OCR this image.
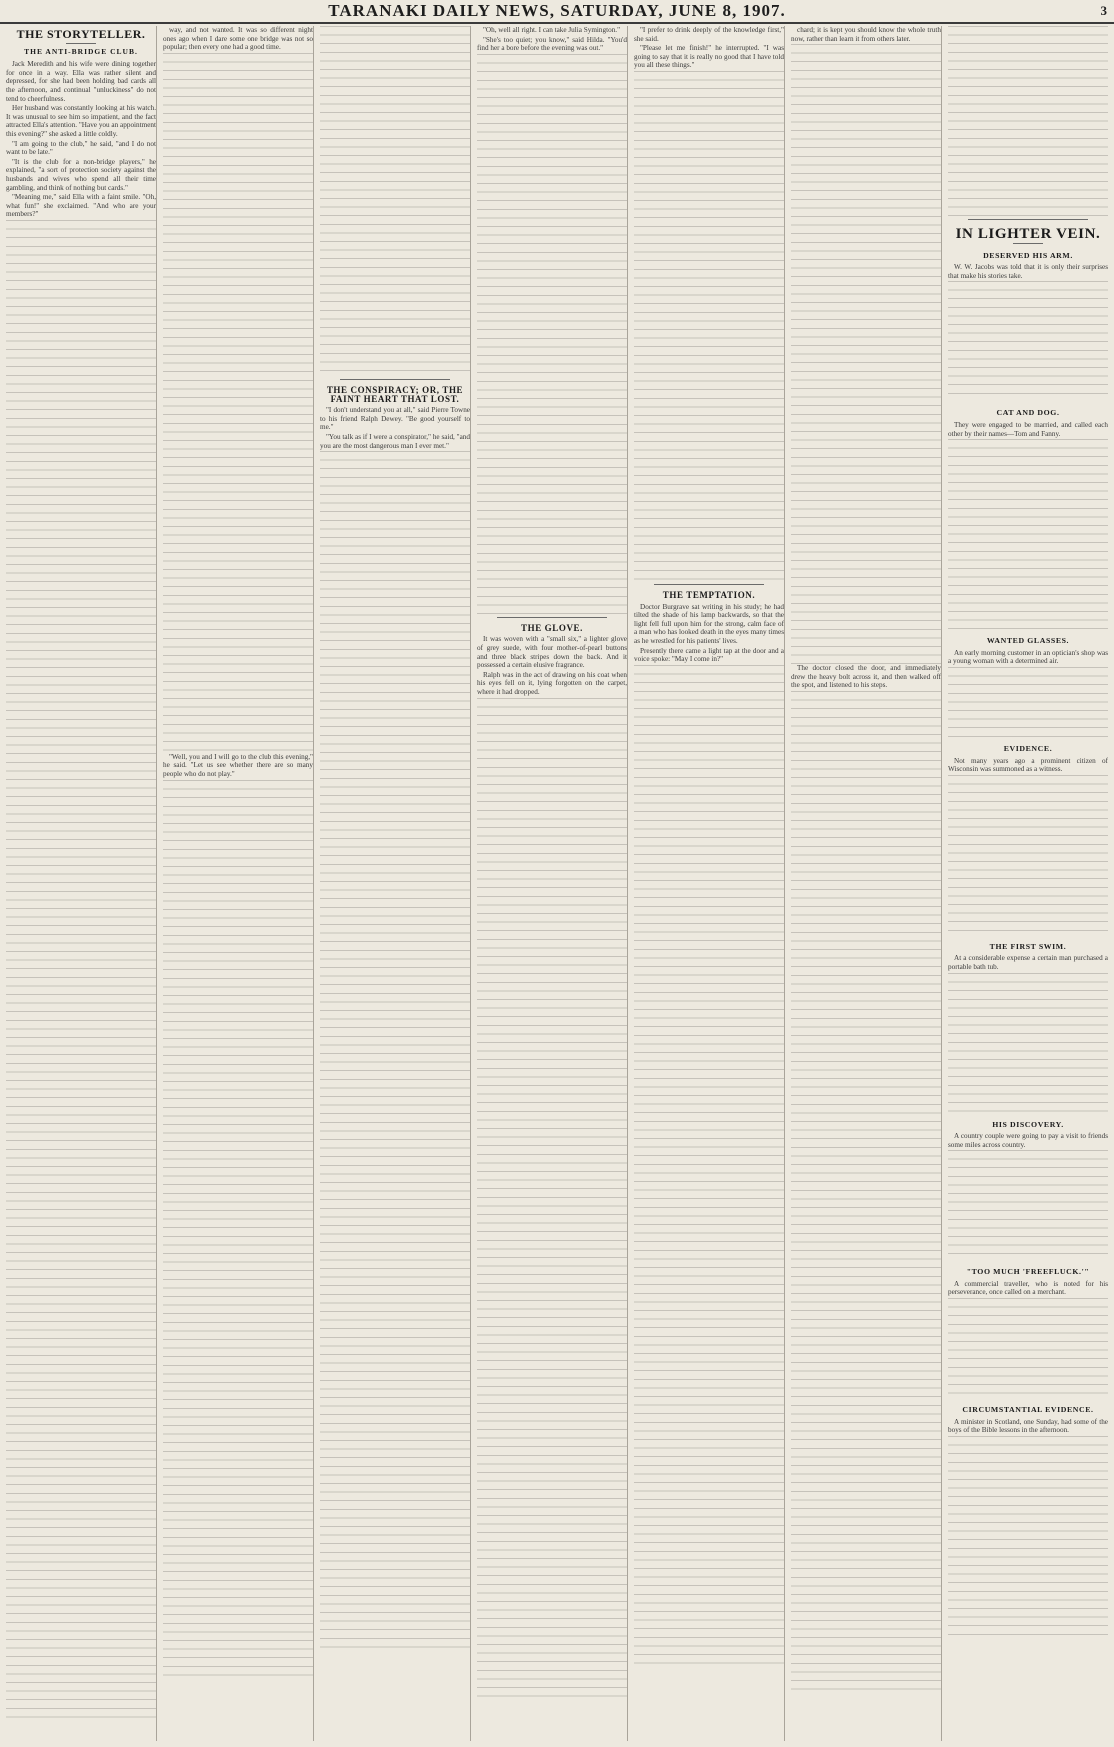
TARANAKI DAILY NEWS, SATURDAY, JUNE 8, 1907.	3
THE STORYTELLER.
THE ANTI-BRIDGE CLUB.

Jack Meredith and his wife were dining together for once in a way. Ella was rather silent and depressed, for she had been holding bad cards all the afternoon, and continual "unluckiness" do not tend to cheerfulness.

Her husband was constantly looking at his watch. It was unusual to see him so impatient, and the fact attracted Ella's attention. "Have you an appointment this evening?" she asked a little coldly.

"I am going to the club," he said, "and I do not want to be late."

"It is the club for a non-bridge players," he explained, "a sort of protection society against the husbands and wives who spend all their time gambling, and think of nothing but cards."

"Meaning me," said Ella with a faint smile. "Oh, what fun!" she exclaimed. "And who are your members?"

way, and not wanted. It was so different night ones ago when I dare some one bridge was not so popular; then every one had a good time.

"Well, you and I will go to the club this evening," he said. "Let us see whether there are so many people who do not play."

THE CONSPIRACY; OR, THE FAINT HEART THAT LOST.

"I don't understand you at all," said Pierre Towne to his friend Ralph Dewey. "Be good yourself to me."

"You talk as if I were a conspirator," he said, "and you are the most dangerous man I ever met."

"Oh, well all right. I can take Julia Symington."

"She's too quiet; you know," said Hilda. "You'd find her a bore before the evening was out."

THE GLOVE.

It was woven with a "small six," a lighter glove of grey suede, with four mother-of-pearl buttons and three black stripes down the back. And it possessed a certain elusive fragrance.

Ralph was in the act of drawing on his coat when his eyes fell on it, lying forgotten on the carpet, where it had dropped.

"I prefer to drink deeply of the knowledge first," she said.

"Please let me finish!" he interrupted. "I was going to say that it is really no good that I have told you all these things."

THE TEMPTATION.

Doctor Burgrave sat writing in his study; he had tilted the shade of his lamp backwards, so that the light fell full upon him for the strong, calm face of a man who has looked death in the eyes many times as he wrestled for his patients' lives.

Presently there came a light tap at the door and a voice spoke: "May I come in?"

chard; it is kept you should know the whole truth now, rather than learn it from others later.

The doctor closed the door, and immediately drew the heavy bolt across it, and then walked off the spot, and listened to his steps.

IN LIGHTER VEIN.
DESERVED HIS ARM.

W. W. Jacobs was told that it is only their surprises that make his stories take.

CAT AND DOG.

They were engaged to be married, and called each other by their names—Tom and Fanny.

WANTED GLASSES.

An early morning customer in an optician's shop was a young woman with a determined air.

EVIDENCE.

Not many years ago a prominent citizen of Wisconsin was summoned as a witness.

THE FIRST SWIM.

At a considerable expense a certain man purchased a portable bath tub.

HIS DISCOVERY.

A country couple were going to pay a visit to friends some miles across country.

"TOO MUCH 'FREEFLUCK.'"

A commercial traveller, who is noted for his perseverance, once called on a merchant.

CIRCUMSTANTIAL EVIDENCE.

A minister in Scotland, one Sunday, had some of the boys of the Bible lessons in the afternoon.
